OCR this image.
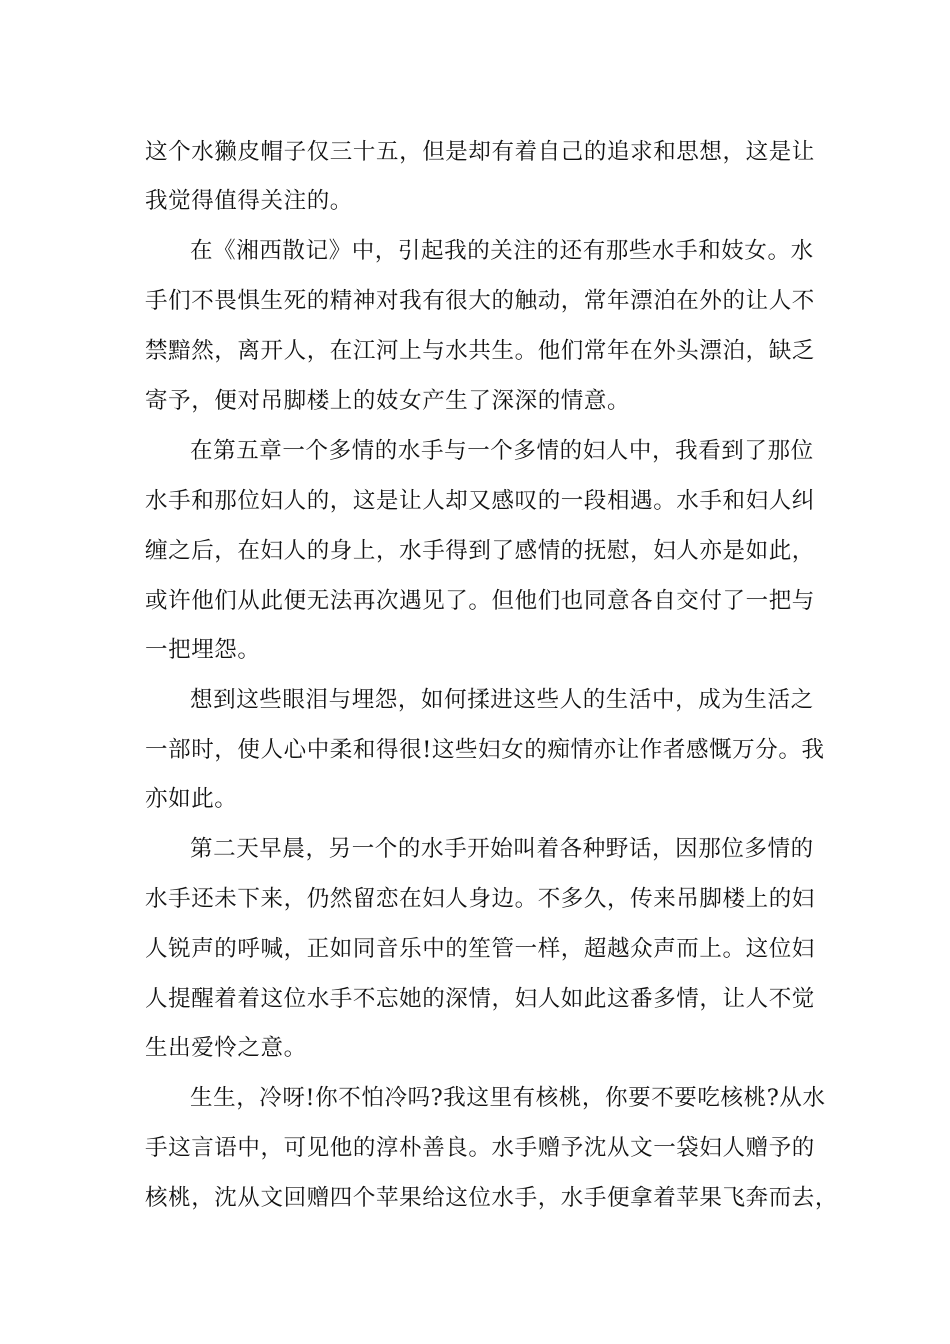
这个水獭皮帽子仅三十五，但是却有着自己的追求和思想，这是让

我觉得值得关注的。

在《湘西散记》中，引起我的关注的还有那些水手和妓女。水

手们不畏惧生死的精神对我有很大的触动，常年漂泊在外的让人不

禁黯然，离开人，在江河上与水共生。他们常年在外头漂泊，缺乏

寄予，便对吊脚楼上的妓女产生了深深的情意。

在第五章一个多情的水手与一个多情的妇人中，我看到了那位

水手和那位妇人的，这是让人却又感叹的一段相遇。水手和妇人纠

缠之后，在妇人的身上，水手得到了感情的抚慰，妇人亦是如此，

或许他们从此便无法再次遇见了。但他们也同意各自交付了一把与

一把埋怨。

想到这些眼泪与埋怨，如何揉进这些人的生活中，成为生活之

一部时，使人心中柔和得很!这些妇女的痴情亦让作者感慨万分。我

亦如此。

第二天早晨，另一个的水手开始叫着各种野话，因那位多情的

水手还未下来，仍然留恋在妇人身边。不多久，传来吊脚楼上的妇

人锐声的呼喊，正如同音乐中的笙管一样，超越众声而上。这位妇

人提醒着着这位水手不忘她的深情，妇人如此这番多情，让人不觉

生出爱怜之意。

生生，冷呀!你不怕冷吗?我这里有核桃，你要不要吃核桃?从水

手这言语中，可见他的淳朴善良。水手赠予沈从文一袋妇人赠予的

核桃，沈从文回赠四个苹果给这位水手，水手便拿着苹果飞奔而去，
